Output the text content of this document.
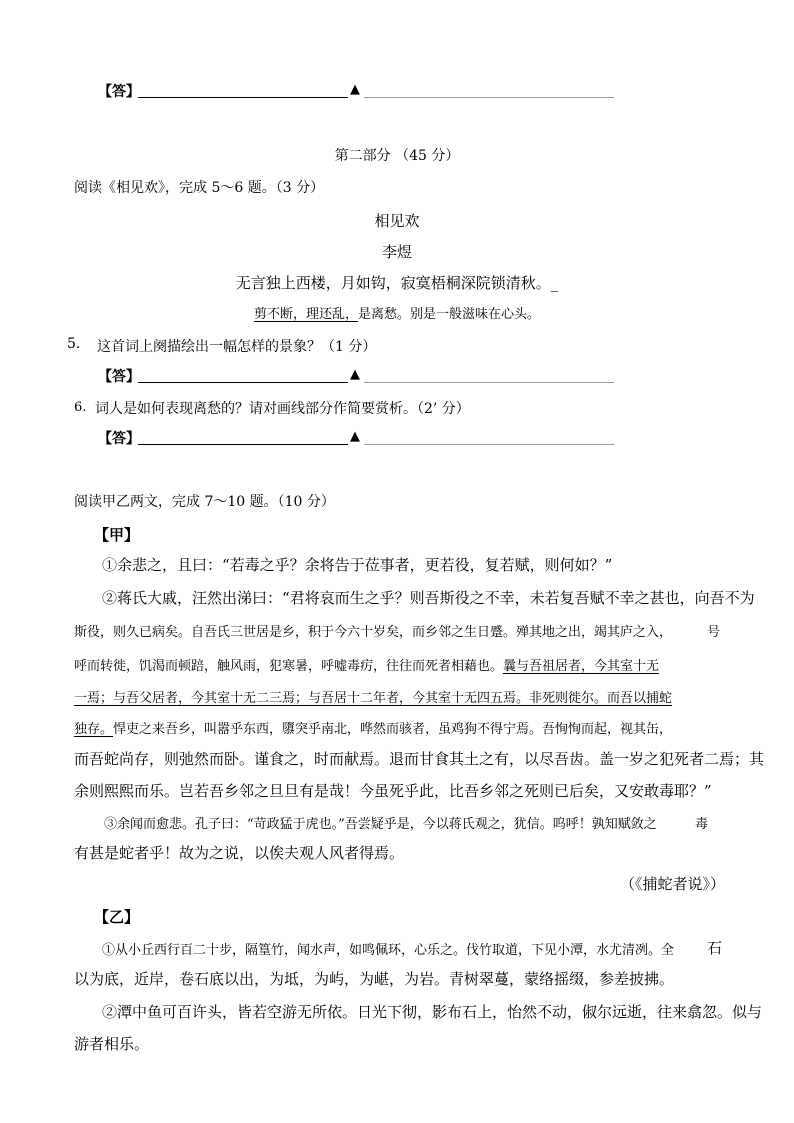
【答】	▲
第二部分 （45 分）
阅读《相见欢》，完成 5～6 题。（3 分）
相见欢
李煜
无言独上西楼，月如钩，寂寞梧桐深院锁清秋。_
剪不断，理还乱，是离愁。别是一般滋味在心头。
5. 这首词上阕描绘出一幅怎样的景象？（1 分）
【答】	▲
6. 词人是如何表现离愁的？请对画线部分作简要赏析。（2’ 分）
【答】	▲
阅读甲乙两文，完成 7～10 题。（10 分）
【甲】
①余悲之，且曰：“若毒之乎？余将告于莅事者，更若役，复若赋，则何如？”
②蒋氏大戚，汪然出涕曰：“君将哀而生之乎？则吾斯役之不幸，未若复吾赋不幸之甚也，向吾不为
斯役，则久已病矣。自吾氏三世居是乡，积于今六十岁矣，而乡邻之生日蹙。殚其地之出，竭其庐之入，	号
呼而转徙，饥渴而顿踣，触风雨，犯寒暑，呼嘘毒疠，往往而死者相藉也。曩与吾祖居者，今其室十无
一焉；与吾父居者，今其室十无二三焉；与吾居十二年者，今其室十无四五焉。非死则徙尔。而吾以捕蛇
独存。悍吏之来吾乡，叫嚣乎东西，隳突乎南北，哗然而骇者，虽鸡狗不得宁焉。吾恂恂而起，视其缶，
而吾蛇尚存，则弛然而卧。谨食之，时而献焉。退而甘食其土之有，以尽吾齿。盖一岁之犯死者二焉；其
余则熙熙而乐。岂若吾乡邻之旦旦有是哉！今虽死乎此，比吾乡邻之死则已后矣，又安敢毒耶？”
③余闻而愈悲。孔子曰：“苛政猛于虎也。”吾尝疑乎是，今以蒋氏观之，犹信。呜呼！孰知赋敛之	毒
有甚是蛇者乎！故为之说，以俟夫观人风者得焉。
（《捕蛇者说》）
【乙】
①从小丘西行百二十步，隔篁竹，闻水声，如鸣佩环，心乐之。伐竹取道，下见小潭，水尤清冽。全 石
以为底，近岸，卷石底以出，为坻，为屿，为嵁，为岩。青树翠蔓，蒙络摇缀，参差披拂。
②潭中鱼可百许头，皆若空游无所依。日光下彻，影布石上，怡然不动，俶尔远逝，往来翕忽。似与
游者相乐。
